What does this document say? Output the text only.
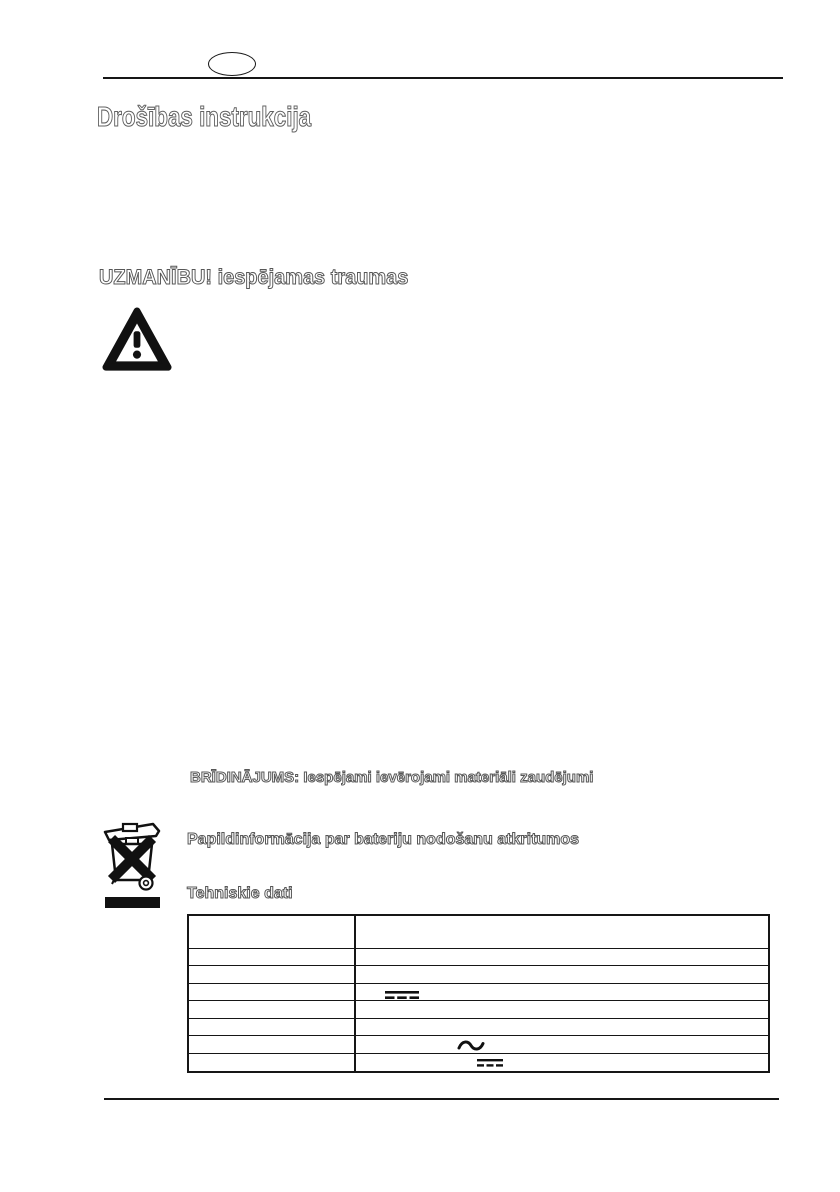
Drošības instrukcija
UZMANĪBU! iespējamas traumas

BRĪDINĀJUMS: Iespējami ievērojami materiāli zaudējumi

Papildinformācija par bateriju nodošanu atkritumos

Tehniskie dati
